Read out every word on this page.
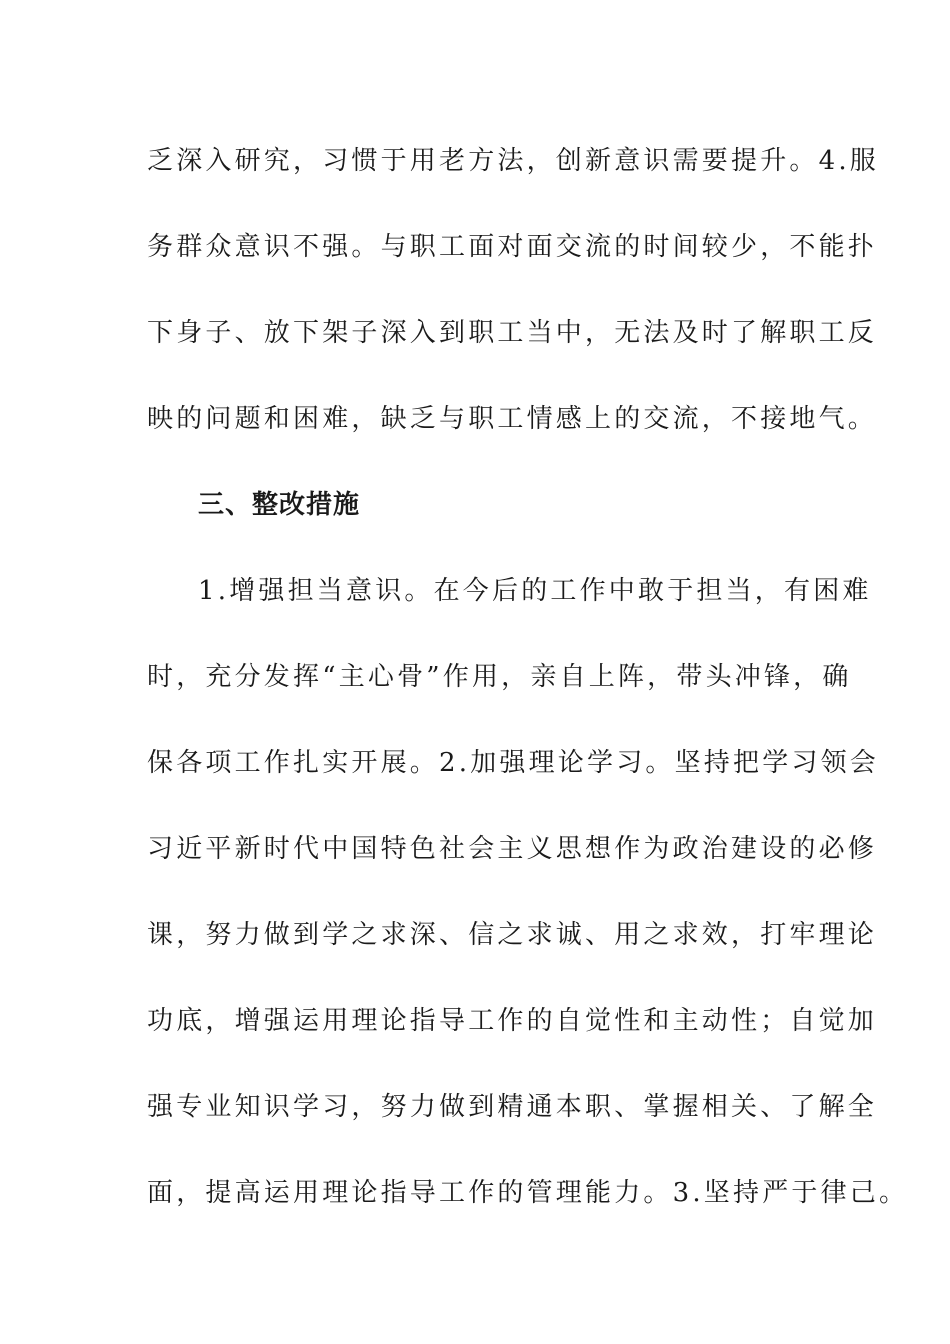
乏深入研究，习惯于用老方法，创新意识需要提升。4.服
务群众意识不强。与职工面对面交流的时间较少，不能扑
下身子、放下架子深入到职工当中，无法及时了解职工反
映的问题和困难，缺乏与职工情感上的交流，不接地气。
三、整改措施
1.增强担当意识。在今后的工作中敢于担当，有困难
时，充分发挥“主心骨”作用，亲自上阵，带头冲锋，确
保各项工作扎实开展。2.加强理论学习。坚持把学习领会
习近平新时代中国特色社会主义思想作为政治建设的必修
课，努力做到学之求深、信之求诚、用之求效，打牢理论
功底，增强运用理论指导工作的自觉性和主动性；自觉加
强专业知识学习，努力做到精通本职、掌握相关、了解全
面，提高运用理论指导工作的管理能力。3.坚持严于律己。
